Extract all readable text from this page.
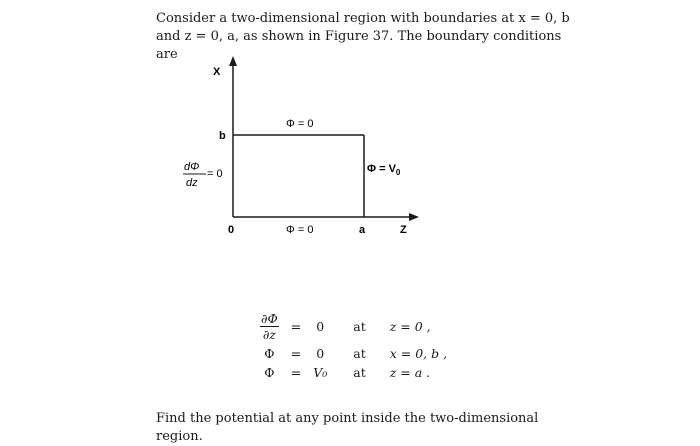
Consider a two-dimensional region with boundaries at x = 0, b and z = 0, a, as shown in Figure 37. The boundary conditions are
X
Z
b
a
0
Φ = 0
Φ = 0
$\Phi = V_0$
dΦ
dz
= 0
$\frac{\partial\Phi}{\partial z}$	=	0	at	z = 0 ,
Φ	=	0	at	x = 0, b ,
Φ	=	V₀	at	z = a .
Find the potential at any point inside the two-dimensional region.
